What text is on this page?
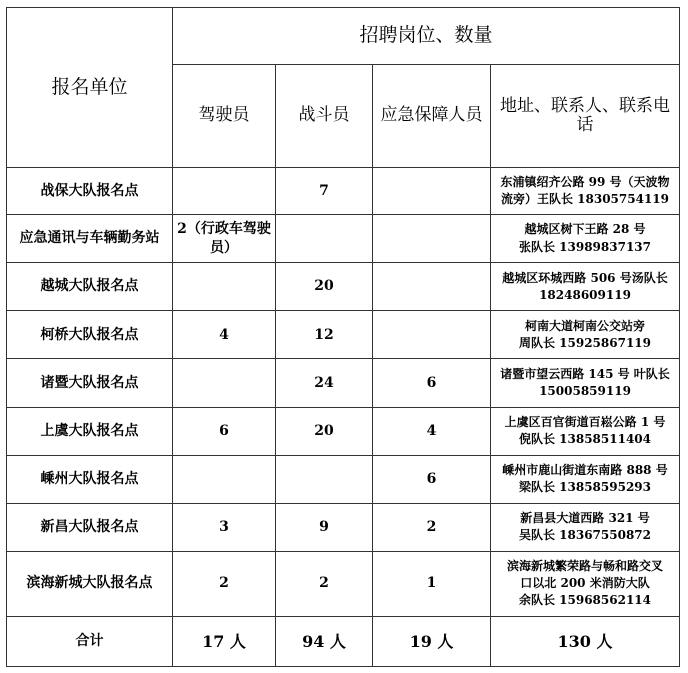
报名单位	招聘岗位、数量			
	驾驶员	战斗员	应急保障人员	地址、联系人、联系电话
战保大队报名点		7		东浦镇绍齐公路 99 号（天波物
流旁）王队长 18305754119

应急通讯与车辆勤务站	2（行政车驾驶员）			越城区树下王路 28 号
张队长 13989837137

越城大队报名点		20		越城区环城西路 506 号汤队长
18248609119

柯桥大队报名点	4	12		柯南大道柯南公交站旁
周队长 15925867119

诸暨大队报名点		24	6	诸暨市望云西路 145 号 叶队长
15005859119

上虞大队报名点	6	20	4	上虞区百官街道百崧公路 1 号
倪队长 13858511404

嵊州大队报名点			6	嵊州市鹿山街道东南路 888 号
梁队长 13858595293

新昌大队报名点	3	9	2	新昌县大道西路 321 号
吴队长 18367550872

滨海新城大队报名点	2	2	1	滨海新城繁荣路与畅和路交叉
口以北 200 米消防大队
余队长 15968562114

合计	17 人	94 人	19 人	130 人
